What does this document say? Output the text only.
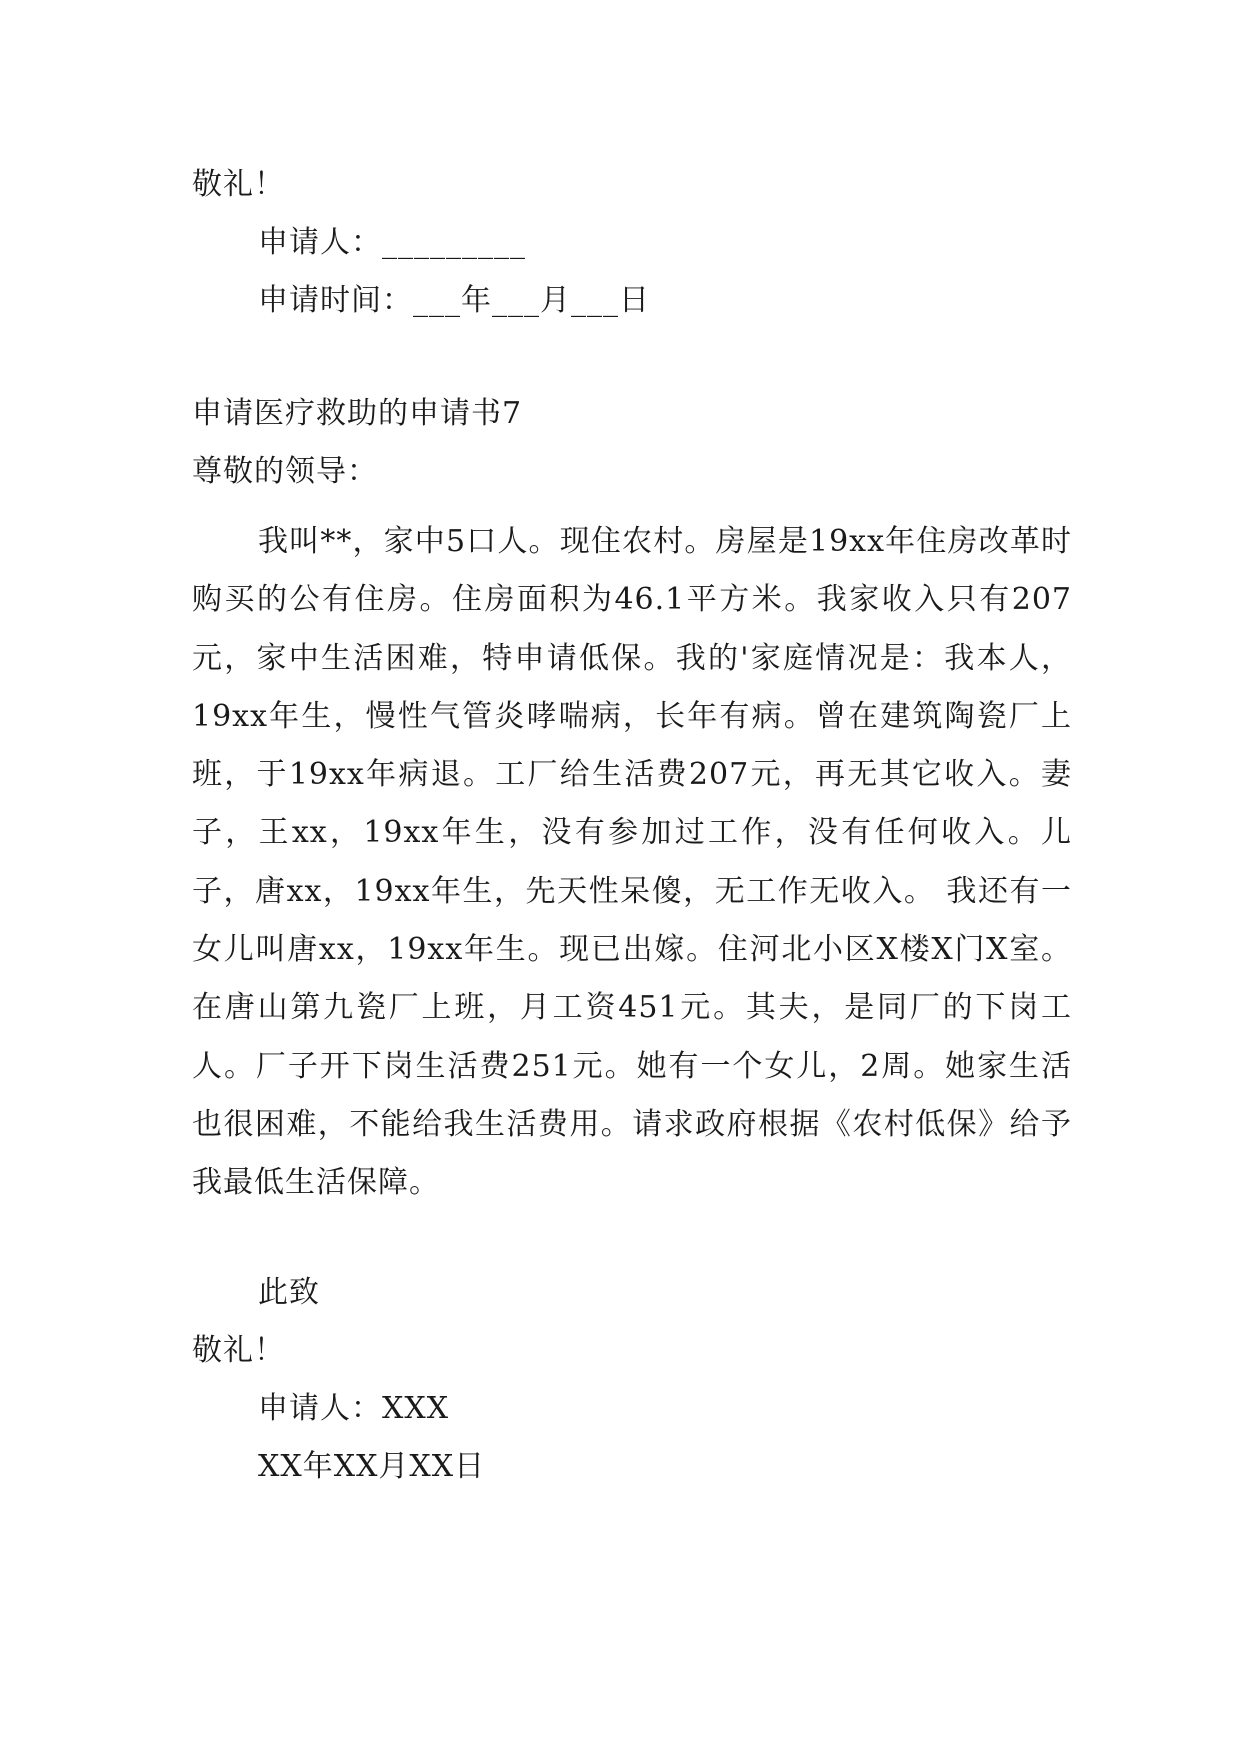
敬礼！
申请人：_________
申请时间：___年___月___日
申请医疗救助的申请书7
尊敬的领导：

我叫**，家中5口人。现住农村。房屋是19xx年住房改革时购买的公有住房。住房面积为46.1平方米。我家收入只有207元，家中生活困难，特申请低保。我的'家庭情况是：我本人，19xx年生，慢性气管炎哮喘病，长年有病。曾在建筑陶瓷厂上班，于19xx年病退。工厂给生活费207元，再无其它收入。妻子，王xx，19xx年生，没有参加过工作，没有任何收入。儿子，唐xx，19xx年生，先天性呆傻，无工作无收入。 我还有一女儿叫唐xx，19xx年生。现已出嫁。住河北小区X楼X门X室。在唐山第九瓷厂上班，月工资451元。其夫，是同厂的下岗工人。厂子开下岗生活费251元。她有一个女儿，2周。她家生活也很困难，不能给我生活费用。请求政府根据《农村低保》给予我最低生活保障。

此致
敬礼！
申请人：XXX
XX年XX月XX日
